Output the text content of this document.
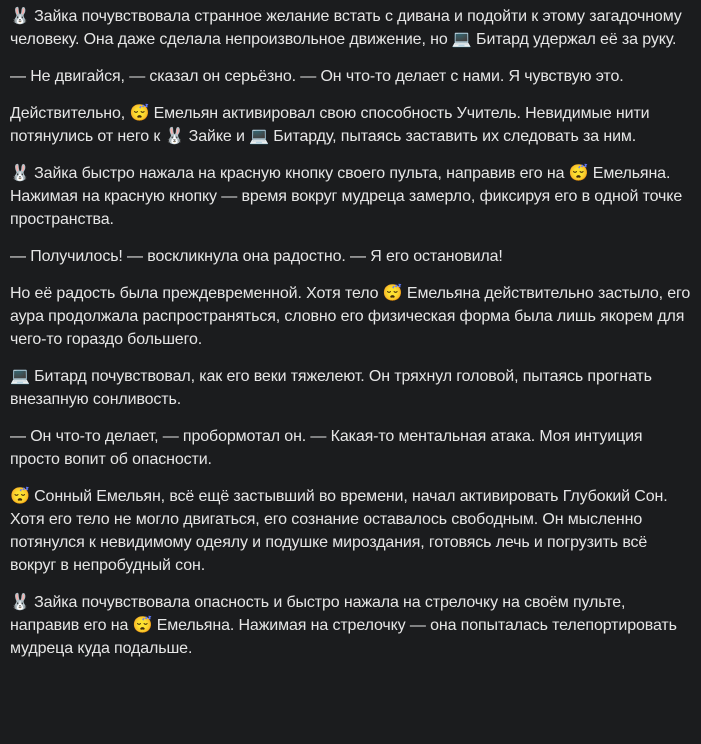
🐰 Зайка почувствовала странное желание встать с дивана и подойти к этому загадочному человеку. Она даже сделала непроизвольное движение, но 💻 Битард удержал её за руку.

— Не двигайся, — сказал он серьёзно. — Он что-то делает с нами. Я чувствую это.

Действительно, 😴 Емельян активировал свою способность Учитель. Невидимые нити потянулись от него к 🐰 Зайке и 💻 Битарду, пытаясь заставить их следовать за ним.

🐰 Зайка быстро нажала на красную кнопку своего пульта, направив его на 😴 Емельяна. Нажимая на красную кнопку — время вокруг мудреца замерло, фиксируя его в одной точке пространства.

— Получилось! — воскликнула она радостно. — Я его остановила!

Но её радость была преждевременной. Хотя тело 😴 Емельяна действительно застыло, его аура продолжала распространяться, словно его физическая форма была лишь якорем для чего-то гораздо большего.

💻 Битард почувствовал, как его веки тяжелеют. Он тряхнул головой, пытаясь прогнать внезапную сонливость.

— Он что-то делает, — пробормотал он. — Какая-то ментальная атака. Моя интуиция просто вопит об опасности.

😴 Сонный Емельян, всё ещё застывший во времени, начал активировать Глубокий Сон. Хотя его тело не могло двигаться, его сознание оставалось свободным. Он мысленно потянулся к невидимому одеялу и подушке мироздания, готовясь лечь и погрузить всё вокруг в непробудный сон.

🐰 Зайка почувствовала опасность и быстро нажала на стрелочку на своём пульте, направив его на 😴 Емельяна. Нажимая на стрелочку — она попыталась телепортировать мудреца куда подальше.
